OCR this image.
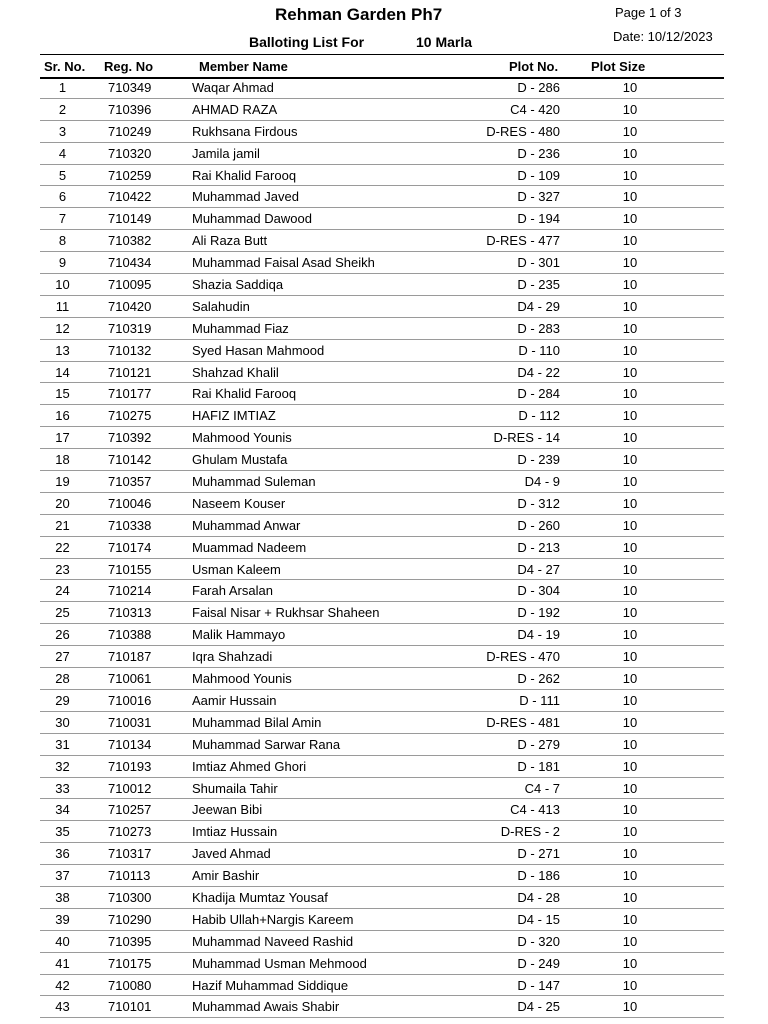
Rehman Garden Ph7	Page 1 of 3
Balloting List For	10 Marla	Date: 10/12/2023
Sr. No. Reg. No	Member Name	Plot No.	Plot Size
1	710349	Waqar Ahmad	D - 286	10
2	710396	AHMAD RAZA	C4 - 420	10
3	710249	Rukhsana Firdous	D-RES - 480	10
4	710320	Jamila jamil	D - 236	10
5	710259	Rai Khalid Farooq	D - 109	10
6	710422	Muhammad Javed	D - 327	10
7	710149	Muhammad Dawood	D - 194	10
8	710382	Ali Raza Butt	D-RES - 477	10
9	710434	Muhammad Faisal Asad Sheikh	D - 301	10
10	710095	Shazia Saddiqa	D - 235	10
11	710420	Salahudin	D4 - 29	10
12	710319	Muhammad Fiaz	D - 283	10
13	710132	Syed Hasan Mahmood	D - 110	10
14	710121	Shahzad Khalil	D4 - 22	10
15	710177	Rai Khalid Farooq	D - 284	10
16	710275	HAFIZ IMTIAZ	D - 112	10
17	710392	Mahmood Younis	D-RES - 14	10
18	710142	Ghulam Mustafa	D - 239	10
19	710357	Muhammad Suleman	D4 - 9	10
20	710046	Naseem Kouser	D - 312	10
21	710338	Muhammad Anwar	D - 260	10
22	710174	Muammad Nadeem	D - 213	10
23	710155	Usman Kaleem	D4 - 27	10
24	710214	Farah Arsalan	D - 304	10
25	710313	Faisal Nisar + Rukhsar Shaheen	D - 192	10
26	710388	Malik Hammayo	D4 - 19	10
27	710187	Iqra Shahzadi	D-RES - 470	10
28	710061	Mahmood Younis	D - 262	10
29	710016	Aamir Hussain	D - 111	10
30	710031	Muhammad Bilal Amin	D-RES - 481	10
31	710134	Muhammad Sarwar Rana	D - 279	10
32	710193	Imtiaz Ahmed Ghori	D - 181	10
33	710012	Shumaila Tahir	C4 - 7	10
34	710257	Jeewan Bibi	C4 - 413	10
35	710273	Imtiaz Hussain	D-RES - 2	10
36	710317	Javed Ahmad	D - 271	10
37	710113	Amir Bashir	D - 186	10
38	710300	Khadija Mumtaz Yousaf	D4 - 28	10
39	710290	Habib Ullah+Nargis Kareem	D4 - 15	10
40	710395	Muhammad Naveed Rashid	D - 320	10
41	710175	Muhammad Usman Mehmood	D - 249	10
42	710080	Hazif Muhammad Siddique	D - 147	10
43	710101	Muhammad Awais Shabir	D4 - 25	10
